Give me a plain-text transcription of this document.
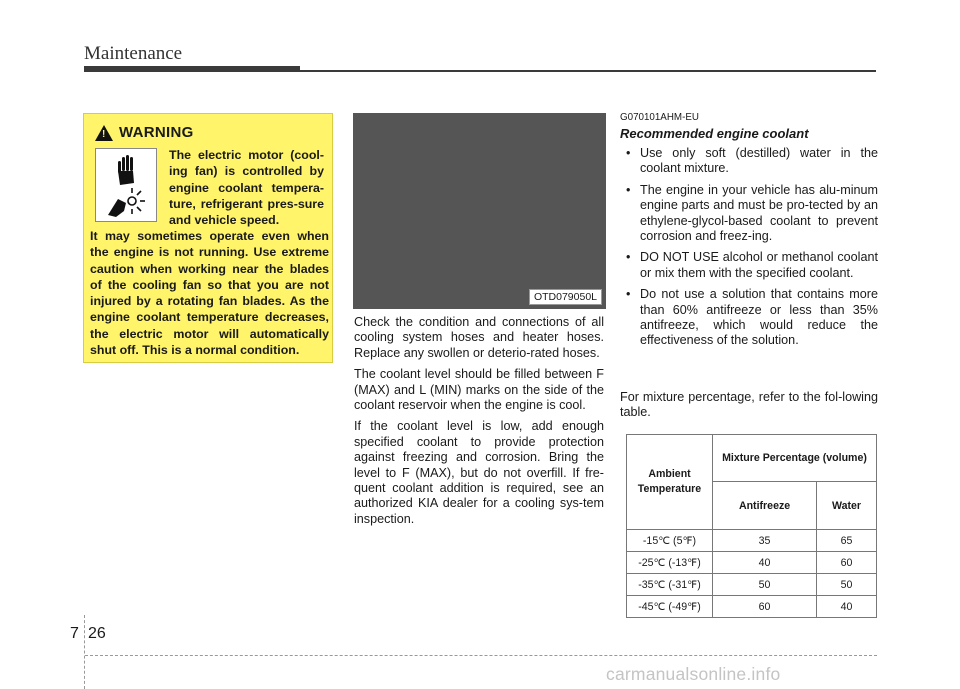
Maintenance
! WARNING
The electric motor (cool-ing fan) is controlled by engine coolant tempera-ture, refrigerant pres-sure and vehicle speed.
It may sometimes operate even when the engine is not running. Use extreme caution when working near the blades of the cooling fan so that you are not injured by a rotating fan blades. As the engine coolant temperature decreases, the electric motor will automatically shut off. This is a normal condition.
OTD079050L

Check the condition and connections of all cooling system hoses and heater hoses. Replace any swollen or deterio-rated hoses.

The coolant level should be filled between F (MAX) and L (MIN) marks on the side of the coolant reservoir when the engine is cool.

If the coolant level is low, add enough specified coolant to provide protection against freezing and corrosion. Bring the level to F (MAX), but do not overfill. If fre-quent coolant addition is required, see an authorized KIA dealer for a cooling sys-tem inspection.

G070101AHM-EU
Recommended engine coolant
• Use only soft (destilled) water in the coolant mixture.
• The engine in your vehicle has alu-minum engine parts and must be pro-tected by an ethylene-glycol-based coolant to prevent corrosion and freez-ing.
• DO NOT USE alcohol or methanol coolant or mix them with the specified coolant.
• Do not use a solution that contains more than 60% antifreeze or less than 35% antifreeze, which would reduce the effectiveness of the solution.
For mixture percentage, refer to the fol-lowing table.
Ambient Temperature	Mixture Percentage (volume)	
	Antifreeze	Water
-15℃ (5℉)	35	65
-25℃ (-13℉)	40	60
-35℃ (-31℉)	50	50
-45℃ (-49℉)	60	40
7 26
carmanualsonline.info
